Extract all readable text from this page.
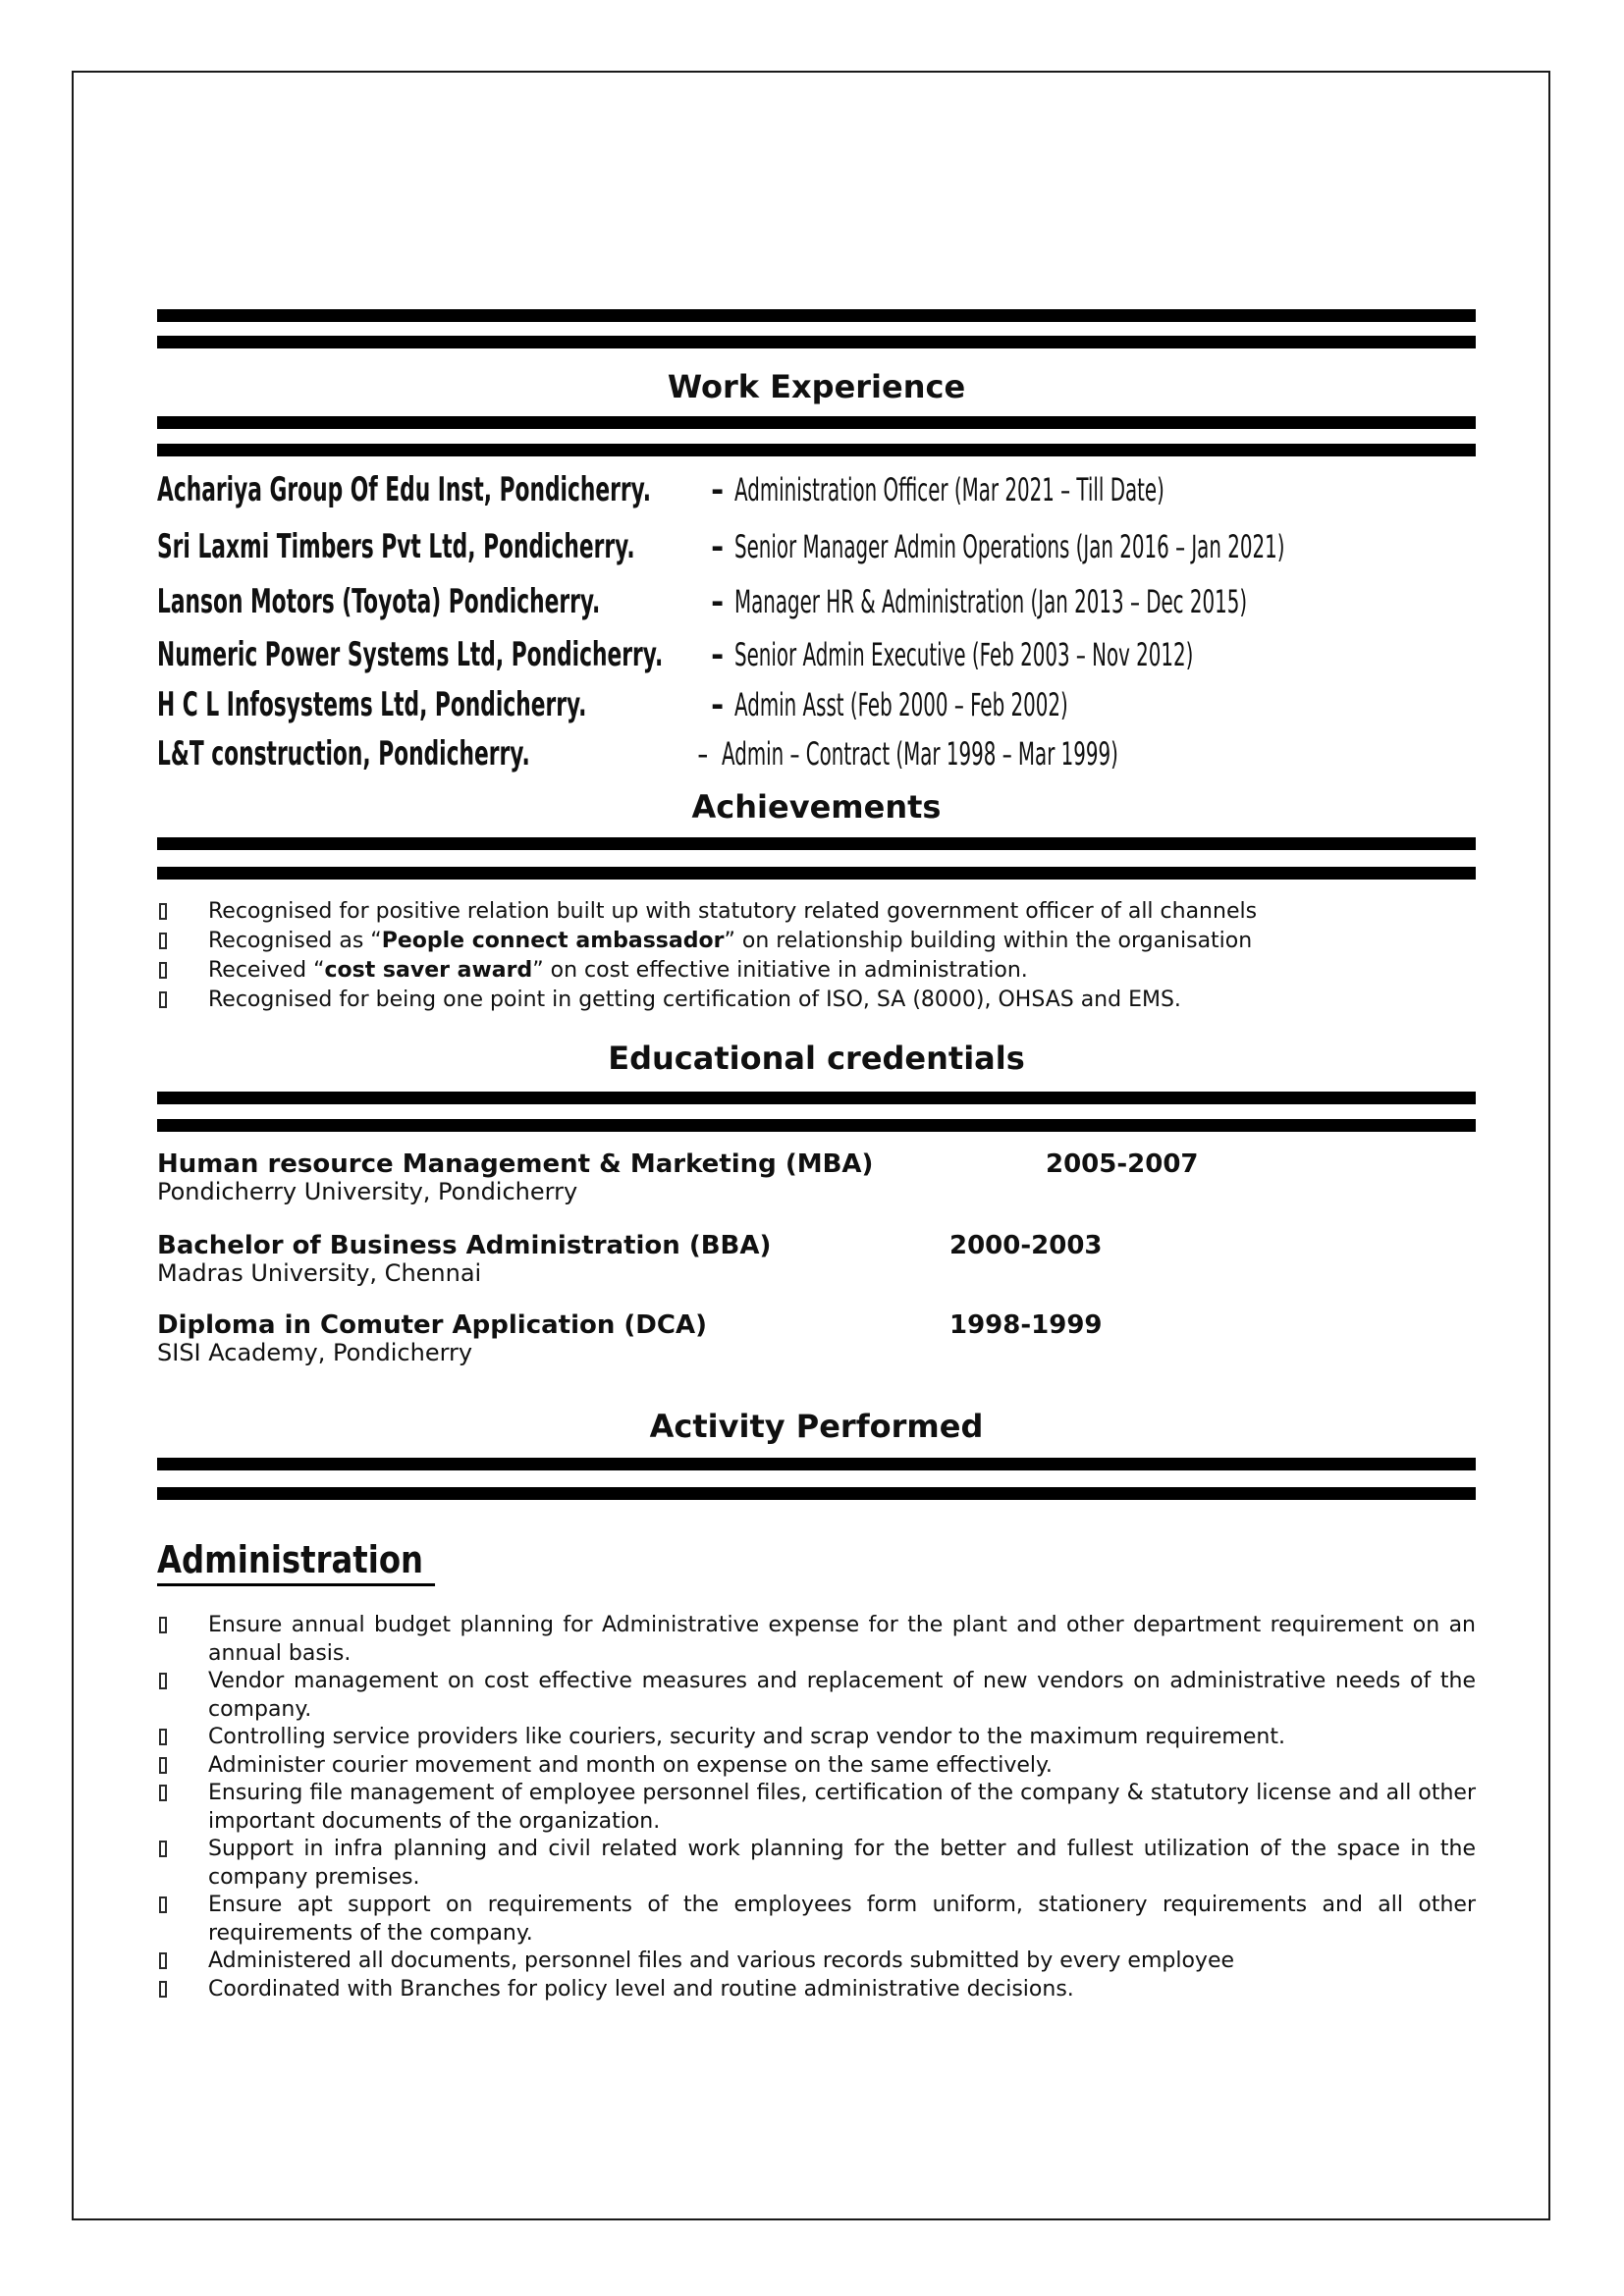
Work Experience
Achariya Group Of Edu Inst, Pondicherry. - Administration Officer (Mar 2021 – Till Date)
Sri Laxmi Timbers Pvt Ltd, Pondicherry. - Senior Manager Admin Operations (Jan 2016 – Jan 2021)
Lanson Motors (Toyota) Pondicherry.	- Manager HR & Administration (Jan 2013 – Dec 2015)
Numeric Power Systems Ltd, Pondicherry. - Senior Admin Executive (Feb 2003 – Nov 2012)
H C L Infosystems Ltd, Pondicherry.	- Admin Asst (Feb 2000 – Feb 2002)
L&T construction, Pondicherry.	- Admin – Contract (Mar 1998 – Mar 1999)
Achievements
Recognised for positive relation built up with statutory related government officer of all channels
Recognised as “People connect ambassador” on relationship building within the organisation
Received “cost saver award” on cost effective initiative in administration.
Recognised for being one point in getting certification of ISO, SA (8000), OHSAS and EMS.
Educational credentials
Human resource Management & Marketing (MBA)	2005-2007
Pondicherry University, Pondicherry
Bachelor of Business Administration (BBA)	2000-2003
Madras University, Chennai
Diploma in Comuter Application (DCA)	1998-1999
SISI Academy, Pondicherry
Activity Performed
Administration
Ensure annual budget planning for Administrative expense for the plant and other department requirement on an annual basis.
Vendor management on cost effective measures and replacement of new vendors on administrative needs of the company.
Controlling service providers like couriers, security and scrap vendor to the maximum requirement.
Administer courier movement and month on expense on the same effectively.
Ensuring file management of employee personnel files, certification of the company & statutory license and all other important documents of the organization.
Support in infra planning and civil related work planning for the better and fullest utilization of the space in the company premises.
Ensure apt support on requirements of the employees form uniform, stationery requirements and all other requirements of the company.
Administered all documents, personnel files and various records submitted by every employee
Coordinated with Branches for policy level and routine administrative decisions.
